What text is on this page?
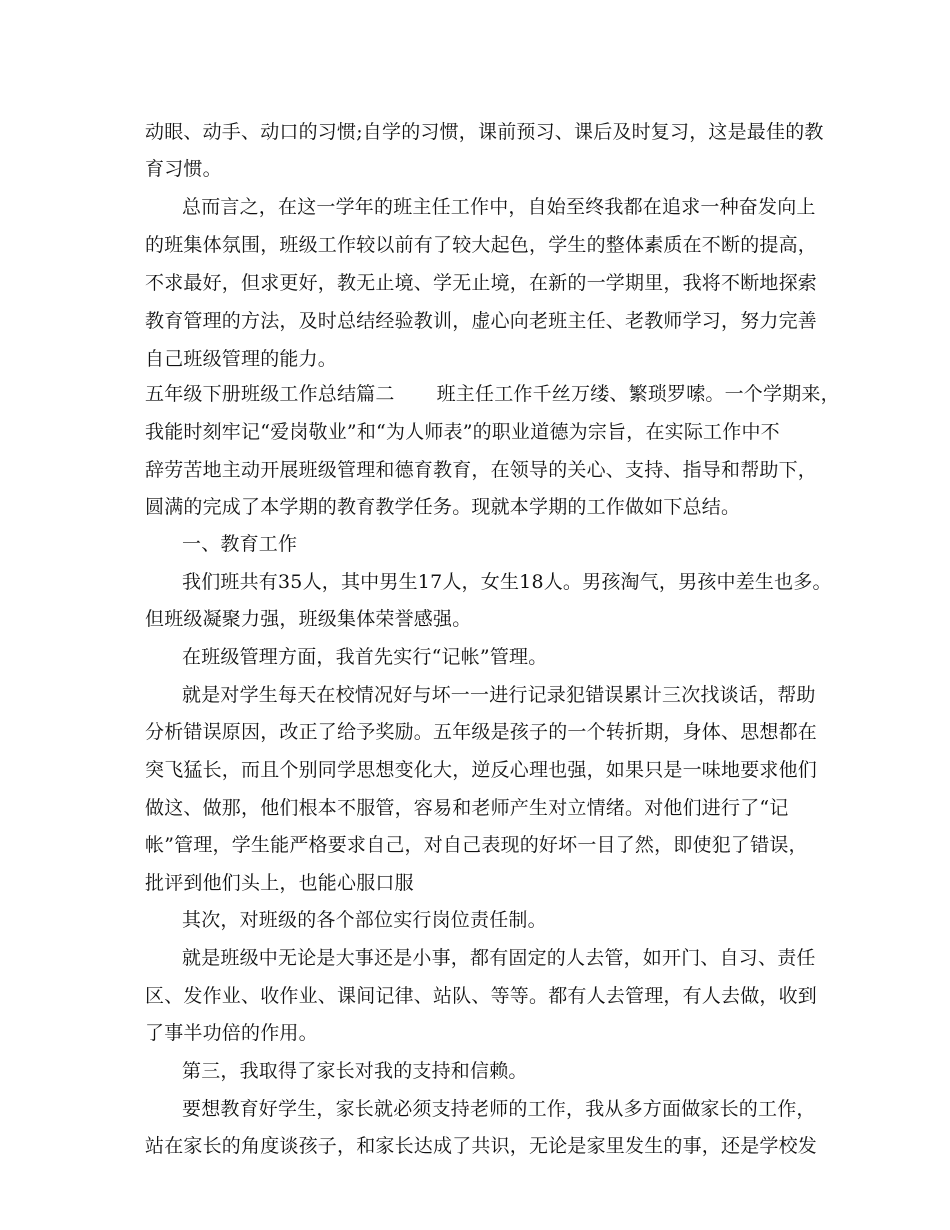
动眼、动手、动口的习惯;自学的习惯，课前预习、课后及时复习，这是最佳的教
育习惯。
总而言之，在这一学年的班主任工作中，自始至终我都在追求一种奋发向上
的班集体氛围，班级工作较以前有了较大起色，学生的整体素质在不断的提高，
不求最好，但求更好，教无止境、学无止境，在新的一学期里，我将不断地探索
教育管理的方法，及时总结经验教训，虚心向老班主任、老教师学习，努力完善
自己班级管理的能力。
五年级下册班级工作总结篇二 班主任工作千丝万缕、繁琐罗嗦。一个学期来，
我能时刻牢记“爱岗敬业”和“为人师表”的职业道德为宗旨，在实际工作中不
辞劳苦地主动开展班级管理和德育教育，在领导的关心、支持、指导和帮助下，
圆满的完成了本学期的教育教学任务。现就本学期的工作做如下总结。
一、教育工作
我们班共有35人，其中男生17人，女生18人。男孩淘气，男孩中差生也多。
但班级凝聚力强，班级集体荣誉感强。
在班级管理方面，我首先实行“记帐”管理。
就是对学生每天在校情况好与坏一一进行记录犯错误累计三次找谈话，帮助
分析错误原因，改正了给予奖励。五年级是孩子的一个转折期，身体、思想都在
突飞猛长，而且个别同学思想变化大，逆反心理也强，如果只是一味地要求他们
做这、做那，他们根本不服管，容易和老师产生对立情绪。对他们进行了“记
帐”管理，学生能严格要求自己，对自己表现的好坏一目了然，即使犯了错误，
批评到他们头上，也能心服口服
其次，对班级的各个部位实行岗位责任制。
就是班级中无论是大事还是小事，都有固定的人去管，如开门、自习、责任
区、发作业、收作业、课间记律、站队、等等。都有人去管理，有人去做，收到
了事半功倍的作用。
第三，我取得了家长对我的支持和信赖。
要想教育好学生，家长就必须支持老师的工作，我从多方面做家长的工作，
站在家长的角度谈孩子，和家长达成了共识，无论是家里发生的事，还是学校发
